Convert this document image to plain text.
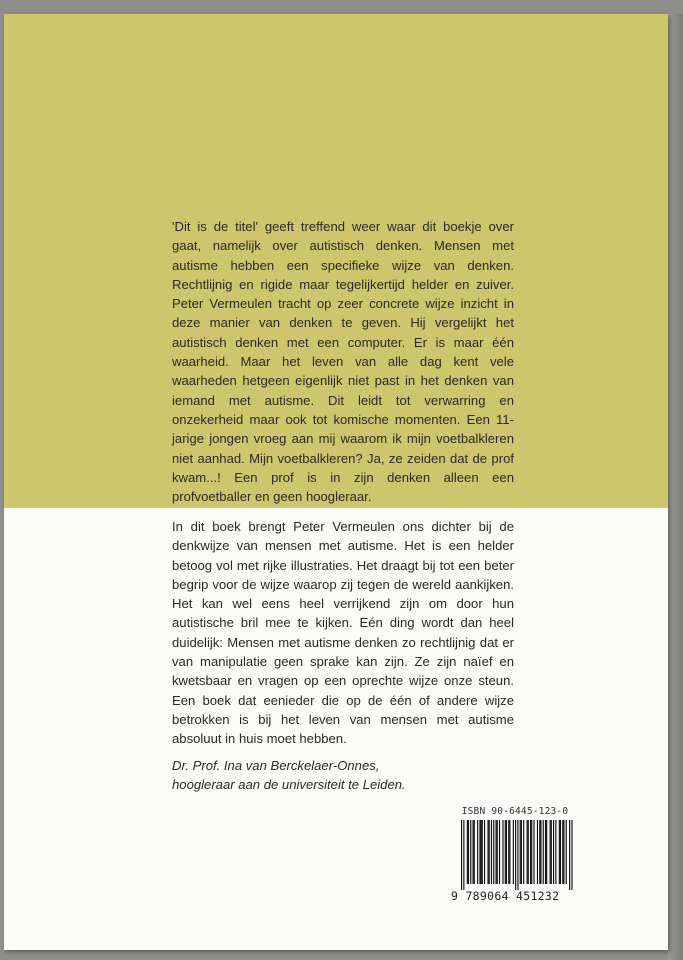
'Dit is de titel' geeft treffend weer waar dit boekje over gaat, namelijk over autistisch denken. Mensen met autisme hebben een specifieke wijze van denken. Rechtlijnig en rigide maar tegelijkertijd helder en zuiver. Peter Vermeulen tracht op zeer concrete wijze inzicht in deze manier van denken te geven. Hij vergelijkt het autistisch denken met een computer. Er is maar één waarheid. Maar het leven van alle dag kent vele waarheden hetgeen eigenlijk niet past in het denken van iemand met autisme. Dit leidt tot verwarring en onzekerheid maar ook tot komische momenten. Een 11-jarige jongen vroeg aan mij waarom ik mijn voetbalkleren niet aanhad. Mijn voetbalkleren? Ja, ze zeiden dat de prof kwam...! Een prof is in zijn denken alleen een profvoetballer en geen hoogleraar.

In dit boek brengt Peter Vermeulen ons dichter bij de denkwijze van mensen met autisme. Het is een helder betoog vol met rijke illustraties. Het draagt bij tot een beter begrip voor de wijze waarop zij tegen de wereld aankijken. Het kan wel eens heel verrijkend zijn om door hun autistische bril mee te kijken. Eén ding wordt dan heel duidelijk: Mensen met autisme denken zo rechtlijnig dat er van manipulatie geen sprake kan zijn. Ze zijn naïef en kwetsbaar en vragen op een oprechte wijze onze steun. Een boek dat eenieder die op de één of andere wijze betrokken is bij het leven van mensen met autisme absoluut in huis moet hebben.

Dr. Prof. Ina van Berckelaer-Onnes,
hoogleraar aan de universiteit te Leiden.
ISBN 90-6445-123-0
9 789064 451232
